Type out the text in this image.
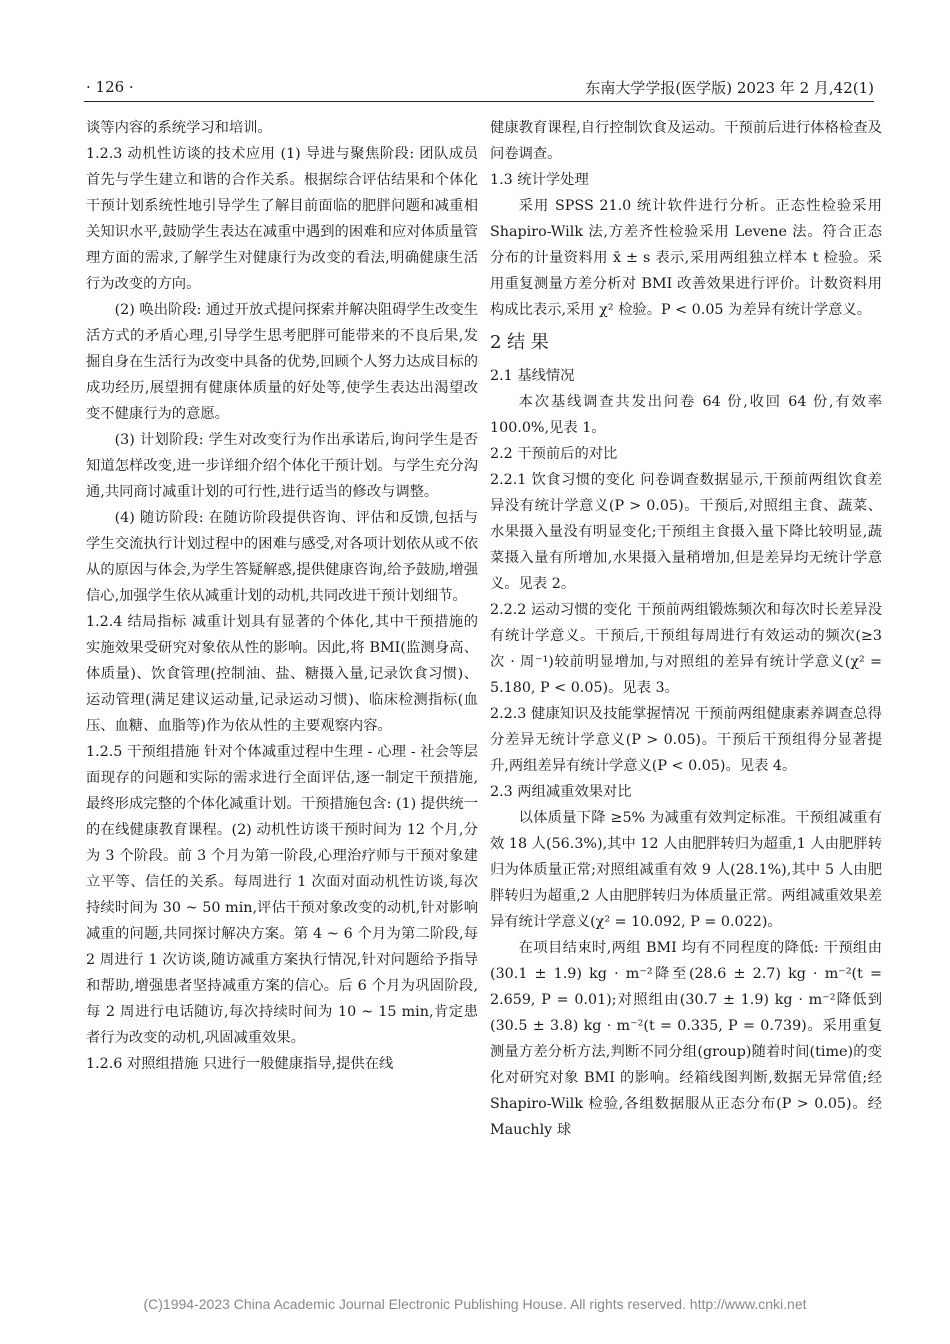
· 126 ·	东南大学学报(医学版) 2023 年 2 月,42(1)

谈等内容的系统学习和培训。

1.2.3 动机性访谈的技术应用 (1) 导进与聚焦阶段: 团队成员首先与学生建立和谐的合作关系。根据综合评估结果和个体化干预计划系统性地引导学生了解目前面临的肥胖问题和减重相关知识水平,鼓励学生表达在减重中遇到的困难和应对体质量管理方面的需求,了解学生对健康行为改变的看法,明确健康生活行为改变的方向。

(2) 唤出阶段: 通过开放式提问探索并解决阻碍学生改变生活方式的矛盾心理,引导学生思考肥胖可能带来的不良后果,发掘自身在生活行为改变中具备的优势,回顾个人努力达成目标的成功经历,展望拥有健康体质量的好处等,使学生表达出渴望改变不健康行为的意愿。

(3) 计划阶段: 学生对改变行为作出承诺后,询问学生是否知道怎样改变,进一步详细介绍个体化干预计划。与学生充分沟通,共同商讨减重计划的可行性,进行适当的修改与调整。

(4) 随访阶段: 在随访阶段提供咨询、评估和反馈,包括与学生交流执行计划过程中的困难与感受,对各项计划依从或不依从的原因与体会,为学生答疑解惑,提供健康咨询,给予鼓励,增强信心,加强学生依从减重计划的动机,共同改进干预计划细节。

1.2.4 结局指标 减重计划具有显著的个体化,其中干预措施的实施效果受研究对象依从性的影响。因此,将 BMI(监测身高、体质量)、饮食管理(控制油、盐、糖摄入量,记录饮食习惯)、运动管理(满足建议运动量,记录运动习惯)、临床检测指标(血压、血糖、血脂等)作为依从性的主要观察内容。

1.2.5 干预组措施 针对个体减重过程中生理 - 心理 - 社会等层面现存的问题和实际的需求进行全面评估,逐一制定干预措施,最终形成完整的个体化减重计划。干预措施包含: (1) 提供统一的在线健康教育课程。(2) 动机性访谈干预时间为 12 个月,分为 3 个阶段。前 3 个月为第一阶段,心理治疗师与干预对象建立平等、信任的关系。每周进行 1 次面对面动机性访谈,每次持续时间为 30 ~ 50 min,评估干预对象改变的动机,针对影响减重的问题,共同探讨解决方案。第 4 ~ 6 个月为第二阶段,每 2 周进行 1 次访谈,随访减重方案执行情况,针对问题给予指导和帮助,增强患者坚持减重方案的信心。后 6 个月为巩固阶段,每 2 周进行电话随访,每次持续时间为 10 ~ 15 min,肯定患者行为改变的动机,巩固减重效果。

1.2.6 对照组措施 只进行一般健康指导,提供在线

健康教育课程,自行控制饮食及运动。干预前后进行体格检查及问卷调查。

1.3 统计学处理

采用 SPSS 21.0 统计软件进行分析。正态性检验采用 Shapiro-Wilk 法,方差齐性检验采用 Levene 法。符合正态分布的计量资料用 x̄ ± s 表示,采用两组独立样本 t 检验。采用重复测量方差分析对 BMI 改善效果进行评价。计数资料用构成比表示,采用 χ² 检验。P < 0.05 为差异有统计学意义。

2 结 果

2.1 基线情况

本次基线调查共发出问卷 64 份,收回 64 份,有效率 100.0%,见表 1。

2.2 干预前后的对比

2.2.1 饮食习惯的变化 问卷调查数据显示,干预前两组饮食差异没有统计学意义(P > 0.05)。干预后,对照组主食、蔬菜、水果摄入量没有明显变化;干预组主食摄入量下降比较明显,蔬菜摄入量有所增加,水果摄入量稍增加,但是差异均无统计学意义。见表 2。

2.2.2 运动习惯的变化 干预前两组锻炼频次和每次时长差异没有统计学意义。干预后,干预组每周进行有效运动的频次(≥3 次 · 周⁻¹)较前明显增加,与对照组的差异有统计学意义(χ² = 5.180, P < 0.05)。见表 3。

2.2.3 健康知识及技能掌握情况 干预前两组健康素养调查总得分差异无统计学意义(P > 0.05)。干预后干预组得分显著提升,两组差异有统计学意义(P < 0.05)。见表 4。

2.3 两组减重效果对比

以体质量下降 ≥5% 为减重有效判定标准。干预组减重有效 18 人(56.3%),其中 12 人由肥胖转归为超重,1 人由肥胖转归为体质量正常;对照组减重有效 9 人(28.1%),其中 5 人由肥胖转归为超重,2 人由肥胖转归为体质量正常。两组减重效果差异有统计学意义(χ² = 10.092, P = 0.022)。

在项目结束时,两组 BMI 均有不同程度的降低: 干预组由(30.1 ± 1.9) kg · m⁻²降至(28.6 ± 2.7) kg · m⁻²(t = 2.659, P = 0.01);对照组由(30.7 ± 1.9) kg · m⁻²降低到(30.5 ± 3.8) kg · m⁻²(t = 0.335, P = 0.739)。采用重复测量方差分析方法,判断不同分组(group)随着时间(time)的变化对研究对象 BMI 的影响。经箱线图判断,数据无异常值;经 Shapiro-Wilk 检验,各组数据服从正态分布(P > 0.05)。经 Mauchly 球

(C)1994-2023 China Academic Journal Electronic Publishing House. All rights reserved. http://www.cnki.net
